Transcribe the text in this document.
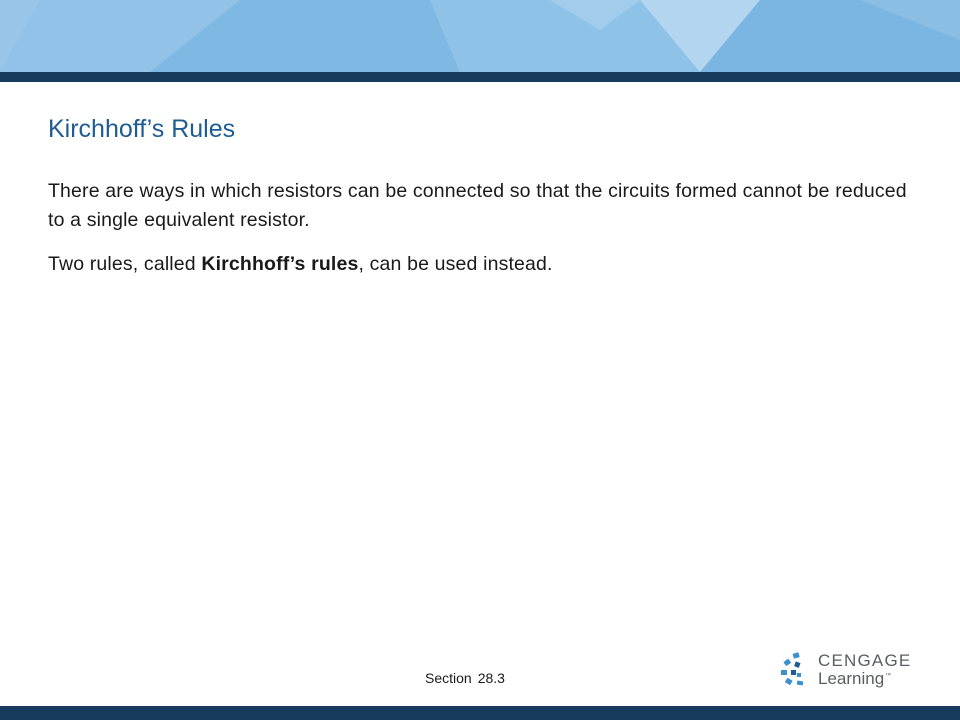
Kirchhoff’s Rules

There are ways in which resistors can be connected so that the circuits formed cannot be reduced to a single equivalent resistor.

Two rules, called Kirchhoff’s rules, can be used instead.

Section 28.3
CENGAGE
Learning™
